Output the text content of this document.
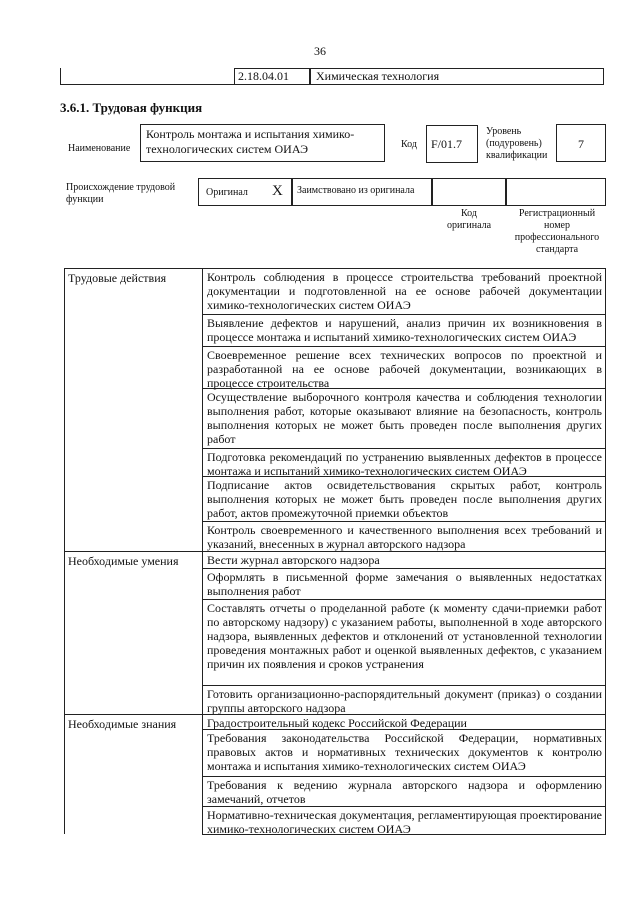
36
2.18.04.01 Химическая технология
3.6.1. Трудовая функция
Наименование
Контроль монтажа и испытания химико-технологических систем ОИАЭ	Код F/01.7
Уровень (подуровень) квалификации
7
Происхождение трудовой функции
Оригинал X Заимствовано из оригинала
Код оригинала
Регистрационный номер профессионального стандарта
Трудовые действия
Необходимые умения
Необходимые знания
Контроль соблюдения в процессе строительства требований проектной документации и подготовленной на ее основе рабочей документации химико-технологических систем ОИАЭ
Выявление дефектов и нарушений, анализ причин их возникновения в процессе монтажа и испытаний химико-технологических систем ОИАЭ
Своевременное решение всех технических вопросов по проектной и разработанной на ее основе рабочей документации, возникающих в процессе строительства
Осуществление выборочного контроля качества и соблюдения технологии выполнения работ, которые оказывают влияние на безопасность, контроль выполнения которых не может быть проведен после выполнения других работ
Подготовка рекомендаций по устранению выявленных дефектов в процессе монтажа и испытаний химико-технологических систем ОИАЭ
Подписание актов освидетельствования скрытых работ, контроль выполнения которых не может быть проведен после выполнения других работ, актов промежуточной приемки объектов
Контроль своевременного и качественного выполнения всех требований и указаний, внесенных в журнал авторского надзора
Вести журнал авторского надзора
Оформлять в письменной форме замечания о выявленных недостатках выполнения работ
Составлять отчеты о проделанной работе (к моменту сдачи-приемки работ по авторскому надзору) с указанием работы, выполненной в ходе авторского надзора, выявленных дефектов и отклонений от установленной технологии проведения монтажных работ и оценкой выявленных дефектов, с указанием причин их появления и сроков устранения
Готовить организационно-распорядительный документ (приказ) о создании группы авторского надзора
Градостроительный кодекс Российской Федерации
Требования законодательства Российской Федерации, нормативных правовых актов и нормативных технических документов к контролю монтажа и испытания химико-технологических систем ОИАЭ
Требования к ведению журнала авторского надзора и оформлению замечаний, отчетов
Нормативно-техническая документация, регламентирующая проектирование химико-технологических систем ОИАЭ
